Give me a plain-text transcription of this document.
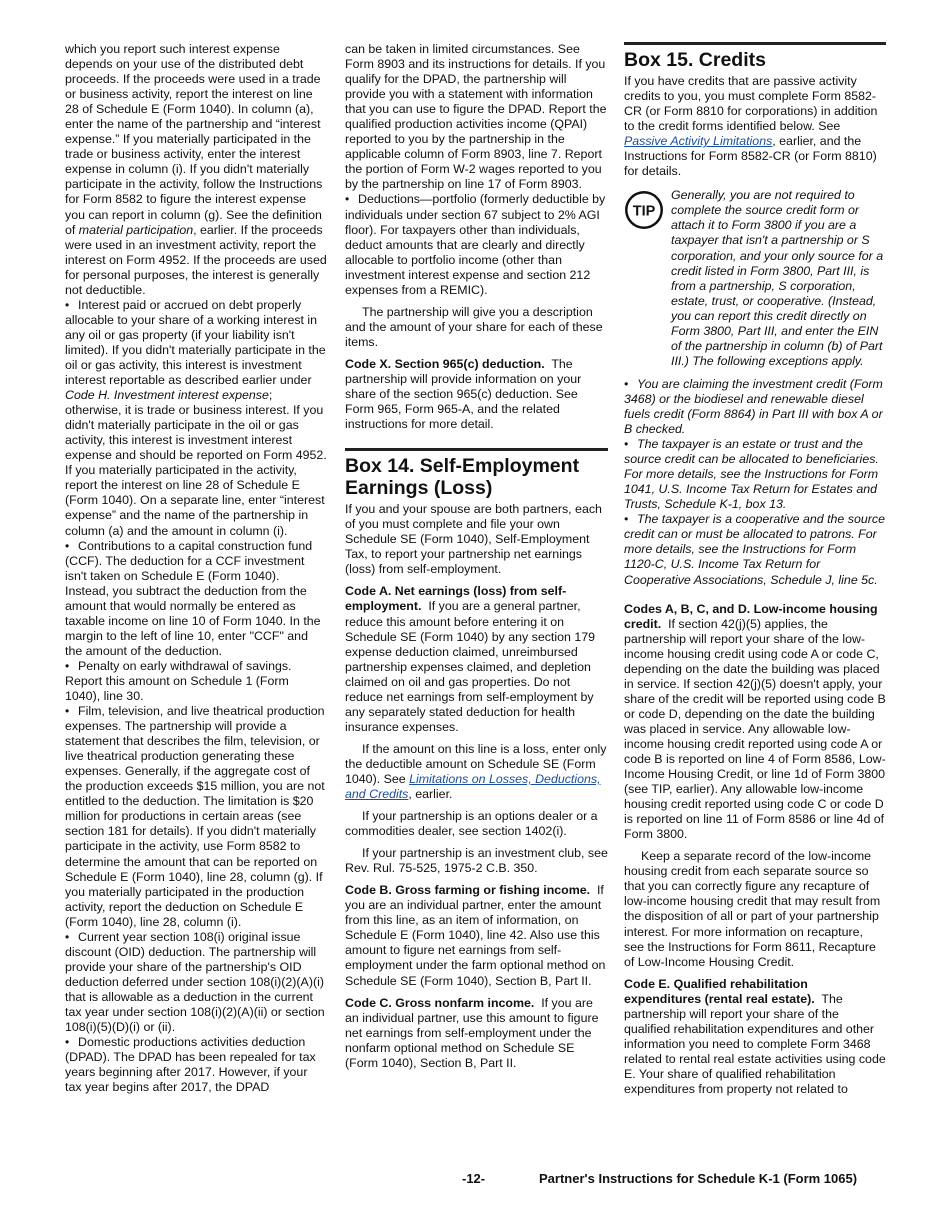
which you report such interest expense depends on your use of the distributed debt proceeds. If the proceeds were used in a trade or business activity, report the interest on line 28 of Schedule E (Form 1040). In column (a), enter the name of the partnership and “interest expense.” If you materially participated in the trade or business activity, enter the interest expense in column (i). If you didn't materially participate in the activity, follow the Instructions for Form 8582 to figure the interest expense you can report in column (g). See the definition of material participation, earlier. If the proceeds were used in an investment activity, report the interest on Form 4952. If the proceeds are used for personal purposes, the interest is generally not deductible.

• Interest paid or accrued on debt properly allocable to your share of a working interest in any oil or gas property (if your liability isn't limited). If you didn't materially participate in the oil or gas activity, this interest is investment interest reportable as described earlier under Code H. Investment interest expense; otherwise, it is trade or business interest. If you didn't materially participate in the oil or gas activity, this interest is investment interest expense and should be reported on Form 4952. If you materially participated in the activity, report the interest on line 28 of Schedule E (Form 1040). On a separate line, enter “interest expense” and the name of the partnership in column (a) and the amount in column (i).

• Contributions to a capital construction fund (CCF). The deduction for a CCF investment isn't taken on Schedule E (Form 1040). Instead, you subtract the deduction from the amount that would normally be entered as taxable income on line 10 of Form 1040. In the margin to the left of line 10, enter "CCF" and the amount of the deduction.

• Penalty on early withdrawal of savings. Report this amount on Schedule 1 (Form 1040), line 30.

• Film, television, and live theatrical production expenses. The partnership will provide a statement that describes the film, television, or live theatrical production generating these expenses. Generally, if the aggregate cost of the production exceeds $15 million, you are not entitled to the deduction. The limitation is $20 million for productions in certain areas (see section 181 for details). If you didn't materially participate in the activity, use Form 8582 to determine the amount that can be reported on Schedule E (Form 1040), line 28, column (g). If you materially participated in the production activity, report the deduction on Schedule E (Form 1040), line 28, column (i).

• Current year section 108(i) original issue discount (OID) deduction. The partnership will provide your share of the partnership's OID deduction deferred under section 108(i)(2)(A)(i) that is allowable as a deduction in the current tax year under section 108(i)(2)(A)(ii) or section 108(i)(5)(D)(i) or (ii).

• Domestic productions activities deduction (DPAD). The DPAD has been repealed for tax years beginning after 2017. However, if your tax year begins after 2017, the DPAD

can be taken in limited circumstances. See Form 8903 and its instructions for details. If you qualify for the DPAD, the partnership will provide you with a statement with information that you can use to figure the DPAD. Report the qualified production activities income (QPAI) reported to you by the partnership in the applicable column of Form 8903, line 7. Report the portion of Form W-2 wages reported to you by the partnership on line 17 of Form 8903.

• Deductions—portfolio (formerly deductible by individuals under section 67 subject to 2% AGI floor). For taxpayers other than individuals, deduct amounts that are clearly and directly allocable to portfolio income (other than investment interest expense and section 212 expenses from a REMIC).

The partnership will give you a description and the amount of your share for each of these items.

Code X. Section 965(c) deduction. The partnership will provide information on your share of the section 965(c) deduction. See Form 965, Form 965-A, and the related instructions for more detail.

Box 14. Self-Employment Earnings (Loss)

If you and your spouse are both partners, each of you must complete and file your own Schedule SE (Form 1040), Self-Employment Tax, to report your partnership net earnings (loss) from self-employment.

Code A. Net earnings (loss) from self-employment. If you are a general partner, reduce this amount before entering it on Schedule SE (Form 1040) by any section 179 expense deduction claimed, unreimbursed partnership expenses claimed, and depletion claimed on oil and gas properties. Do not reduce net earnings from self-employment by any separately stated deduction for health insurance expenses.

If the amount on this line is a loss, enter only the deductible amount on Schedule SE (Form 1040). See Limitations on Losses, Deductions, and Credits, earlier.

If your partnership is an options dealer or a commodities dealer, see section 1402(i).

If your partnership is an investment club, see Rev. Rul. 75-525, 1975-2 C.B. 350.

Code B. Gross farming or fishing income. If you are an individual partner, enter the amount from this line, as an item of information, on Schedule E (Form 1040), line 42. Also use this amount to figure net earnings from self-employment under the farm optional method on Schedule SE (Form 1040), Section B, Part II.

Code C. Gross nonfarm income. If you are an individual partner, use this amount to figure net earnings from self-employment under the nonfarm optional method on Schedule SE (Form 1040), Section B, Part II.

Box 15. Credits

If you have credits that are passive activity credits to you, you must complete Form 8582-CR (or Form 8810 for corporations) in addition to the credit forms identified below. See Passive Activity Limitations, earlier, and the Instructions for Form 8582-CR (or Form 8810) for details.

TIP

Generally, you are not required to complete the source credit form or attach it to Form 3800 if you are a taxpayer that isn't a partnership or S corporation, and your only source for a credit listed in Form 3800, Part III, is from a partnership, S corporation, estate, trust, or cooperative. (Instead, you can report this credit directly on Form 3800, Part III, and enter the EIN of the partnership in column (b) of Part III.) The following exceptions apply.

• You are claiming the investment credit (Form 3468) or the biodiesel and renewable diesel fuels credit (Form 8864) in Part III with box A or B checked.

• The taxpayer is an estate or trust and the source credit can be allocated to beneficiaries. For more details, see the Instructions for Form 1041, U.S. Income Tax Return for Estates and Trusts, Schedule K-1, box 13.

• The taxpayer is a cooperative and the source credit can or must be allocated to patrons. For more details, see the Instructions for Form 1120-C, U.S. Income Tax Return for Cooperative Associations, Schedule J, line 5c.

Codes A, B, C, and D. Low-income housing credit. If section 42(j)(5) applies, the partnership will report your share of the low-income housing credit using code A or code C, depending on the date the building was placed in service. If section 42(j)(5) doesn't apply, your share of the credit will be reported using code B or code D, depending on the date the building was placed in service. Any allowable low-income housing credit reported using code A or code B is reported on line 4 of Form 8586, Low-Income Housing Credit, or line 1d of Form 3800 (see TIP, earlier). Any allowable low-income housing credit reported using code C or code D is reported on line 11 of Form 8586 or line 4d of Form 3800.

Keep a separate record of the low-income housing credit from each separate source so that you can correctly figure any recapture of low-income housing credit that may result from the disposition of all or part of your partnership interest. For more information on recapture, see the Instructions for Form 8611, Recapture of Low-Income Housing Credit.

Code E. Qualified rehabilitation expenditures (rental real estate). The partnership will report your share of the qualified rehabilitation expenditures and other information you need to complete Form 3468 related to rental real estate activities using code E. Your share of qualified rehabilitation expenditures from property not related to

-12-	Partner's Instructions for Schedule K-1 (Form 1065)
